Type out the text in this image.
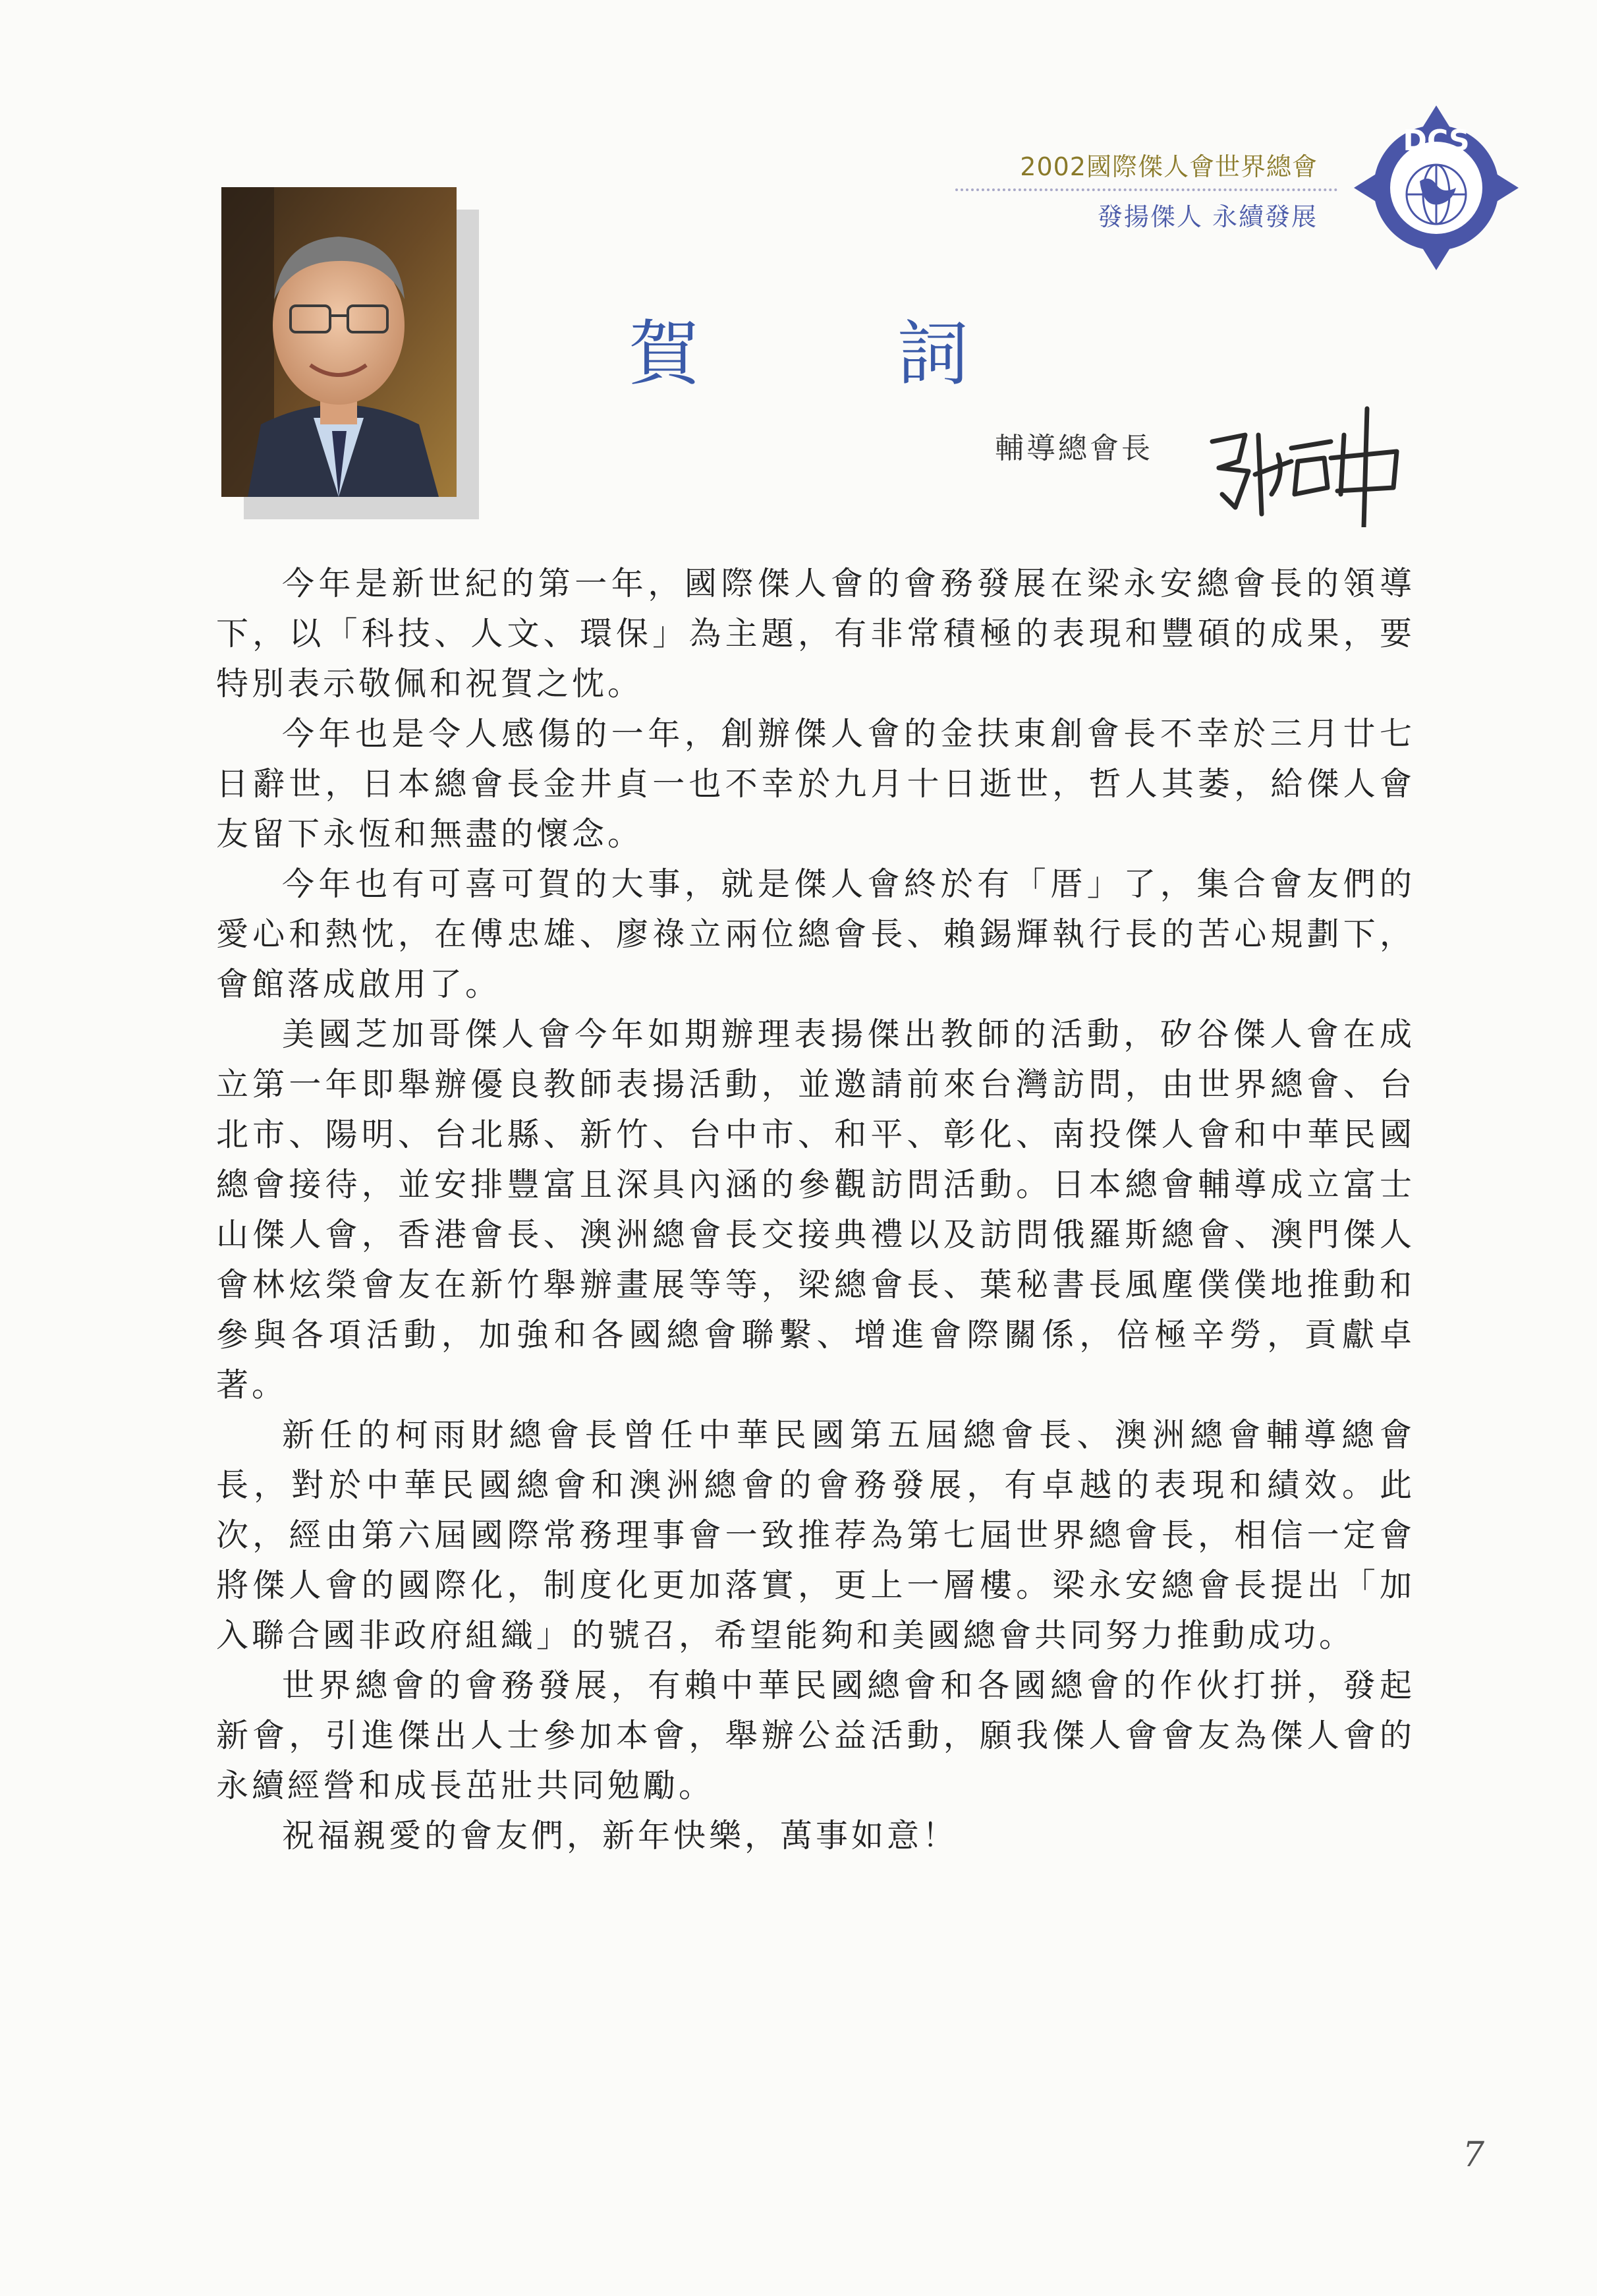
2002國際傑人會世界總會
發揚傑人 永續發展
DCS
賀	詞
輔導總會長

今年是新世紀的第一年，國際傑人會的會務發展在梁永安總會長的領導下，以「科技、人文、環保」為主題，有非常積極的表現和豐碩的成果，要特別表示敬佩和祝賀之忱。

今年也是令人感傷的一年，創辦傑人會的金扶東創會長不幸於三月廿七日辭世，日本總會長金井貞一也不幸於九月十日逝世，哲人其萎，給傑人會友留下永恆和無盡的懷念。

今年也有可喜可賀的大事，就是傑人會終於有「厝」了，集合會友們的愛心和熱忱，在傅忠雄、廖祿立兩位總會長、賴錫輝執行長的苦心規劃下，會館落成啟用了。

美國芝加哥傑人會今年如期辦理表揚傑出教師的活動，矽谷傑人會在成立第一年即舉辦優良教師表揚活動，並邀請前來台灣訪問，由世界總會、台北市、陽明、台北縣、新竹、台中市、和平、彰化、南投傑人會和中華民國總會接待，並安排豐富且深具內涵的參觀訪問活動。日本總會輔導成立富士山傑人會，香港會長、澳洲總會長交接典禮以及訪問俄羅斯總會、澳門傑人會林炫榮會友在新竹舉辦畫展等等，梁總會長、葉秘書長風塵僕僕地推動和參與各項活動，加強和各國總會聯繫、增進會際關係，倍極辛勞，貢獻卓著。

新任的柯雨財總會長曾任中華民國第五屆總會長、澳洲總會輔導總會長，對於中華民國總會和澳洲總會的會務發展，有卓越的表現和績效。此次，經由第六屆國際常務理事會一致推荐為第七屆世界總會長，相信一定會將傑人會的國際化，制度化更加落實，更上一層樓。梁永安總會長提出「加入聯合國非政府組織」的號召，希望能夠和美國總會共同努力推動成功。

世界總會的會務發展，有賴中華民國總會和各國總會的作伙打拼，發起新會，引進傑出人士參加本會，舉辦公益活動，願我傑人會會友為傑人會的永續經營和成長茁壯共同勉勵。

祝福親愛的會友們，新年快樂，萬事如意！

7
